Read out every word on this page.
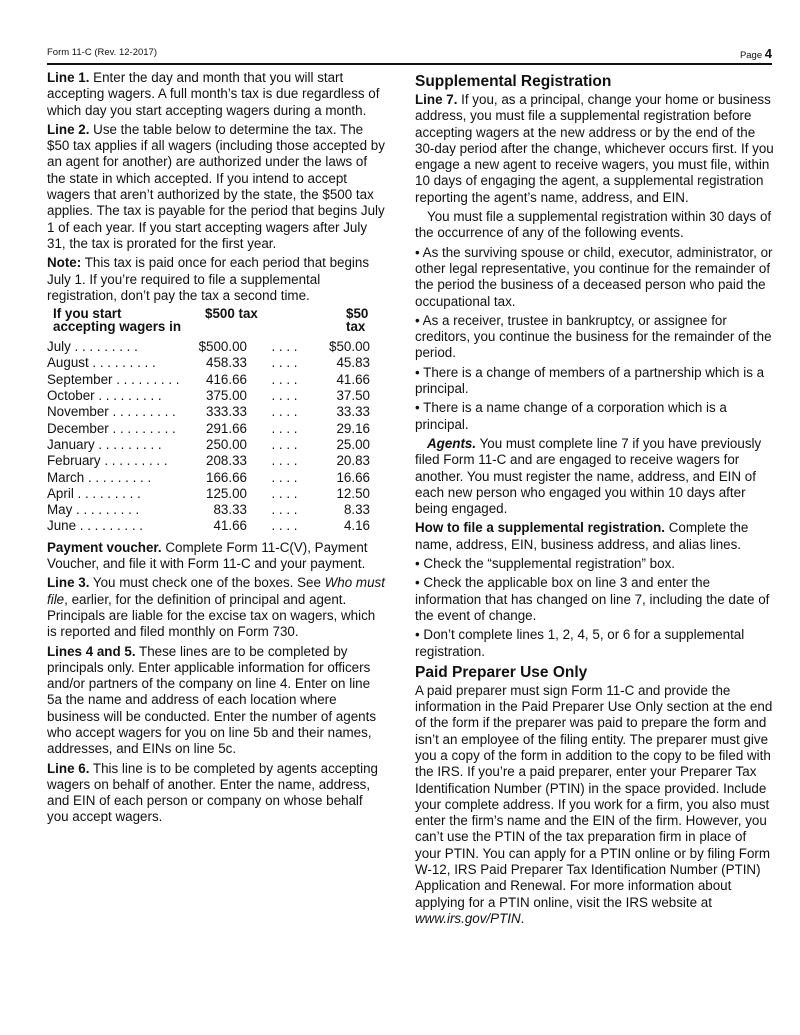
Form 11-C (Rev. 12-2017)	Page 4

Line 1. Enter the day and month that you will start accepting wagers. A full month’s tax is due regardless of which day you start accepting wagers during a month.

Line 2. Use the table below to determine the tax. The $50 tax applies if all wagers (including those accepted by an agent for another) are authorized under the laws of the state in which accepted. If you intend to accept wagers that aren’t authorized by the state, the $500 tax applies. The tax is payable for the period that begins July 1 of each year. If you start accepting wagers after July 31, the tax is prorated for the first year.

Note: This tax is paid once for each period that begins July 1. If you’re required to file a supplemental registration, don’t pay the tax a second time.

If you start accepting wagers in	$500 tax		$50 tax
July . . . . . . . . .	$500.00	. . . .	$50.00
August . . . . . . . . .	458.33	. . . .	45.83
September . . . . . . . . .	416.66	. . . .	41.66
October . . . . . . . . .	375.00	. . . .	37.50
November . . . . . . . . .	333.33	. . . .	33.33
December . . . . . . . . .	291.66	. . . .	29.16
January . . . . . . . . .	250.00	. . . .	25.00
February . . . . . . . . .	208.33	. . . .	20.83
March . . . . . . . . .	166.66	. . . .	16.66
April . . . . . . . . .	125.00	. . . .	12.50
May . . . . . . . . .	83.33	. . . .	8.33
June . . . . . . . . .	41.66	. . . .	4.16

Payment voucher. Complete Form 11-C(V), Payment Voucher, and file it with Form 11-C and your payment.

Line 3. You must check one of the boxes. See Who must file, earlier, for the definition of principal and agent. Principals are liable for the excise tax on wagers, which is reported and filed monthly on Form 730.

Lines 4 and 5. These lines are to be completed by principals only. Enter applicable information for officers and/or partners of the company on line 4. Enter on line 5a the name and address of each location where business will be conducted. Enter the number of agents who accept wagers for you on line 5b and their names, addresses, and EINs on line 5c.

Line 6. This line is to be completed by agents accepting wagers on behalf of another. Enter the name, address, and EIN of each person or company on whose behalf you accept wagers.

Supplemental Registration

Line 7. If you, as a principal, change your home or business address, you must file a supplemental registration before accepting wagers at the new address or by the end of the 30-day period after the change, whichever occurs first. If you engage a new agent to receive wagers, you must file, within 10 days of engaging the agent, a supplemental registration reporting the agent’s name, address, and EIN.

You must file a supplemental registration within 30 days of the occurrence of any of the following events.

• As the surviving spouse or child, executor, administrator, or other legal representative, you continue for the remainder of the period the business of a deceased person who paid the occupational tax.

• As a receiver, trustee in bankruptcy, or assignee for creditors, you continue the business for the remainder of the period.

• There is a change of members of a partnership which is a principal.

• There is a name change of a corporation which is a principal.

Agents. You must complete line 7 if you have previously filed Form 11-C and are engaged to receive wagers for another. You must register the name, address, and EIN of each new person who engaged you within 10 days after being engaged.

How to file a supplemental registration. Complete the name, address, EIN, business address, and alias lines.

• Check the “supplemental registration” box.

• Check the applicable box on line 3 and enter the information that has changed on line 7, including the date of the event of change.

• Don’t complete lines 1, 2, 4, 5, or 6 for a supplemental registration.

Paid Preparer Use Only

A paid preparer must sign Form 11-C and provide the information in the Paid Preparer Use Only section at the end of the form if the preparer was paid to prepare the form and isn’t an employee of the filing entity. The preparer must give you a copy of the form in addition to the copy to be filed with the IRS. If you’re a paid preparer, enter your Preparer Tax Identification Number (PTIN) in the space provided. Include your complete address. If you work for a firm, you also must enter the firm’s name and the EIN of the firm. However, you can’t use the PTIN of the tax preparation firm in place of your PTIN. You can apply for a PTIN online or by filing Form W-12, IRS Paid Preparer Tax Identification Number (PTIN) Application and Renewal. For more information about applying for a PTIN online, visit the IRS website at www.irs.gov/PTIN.
